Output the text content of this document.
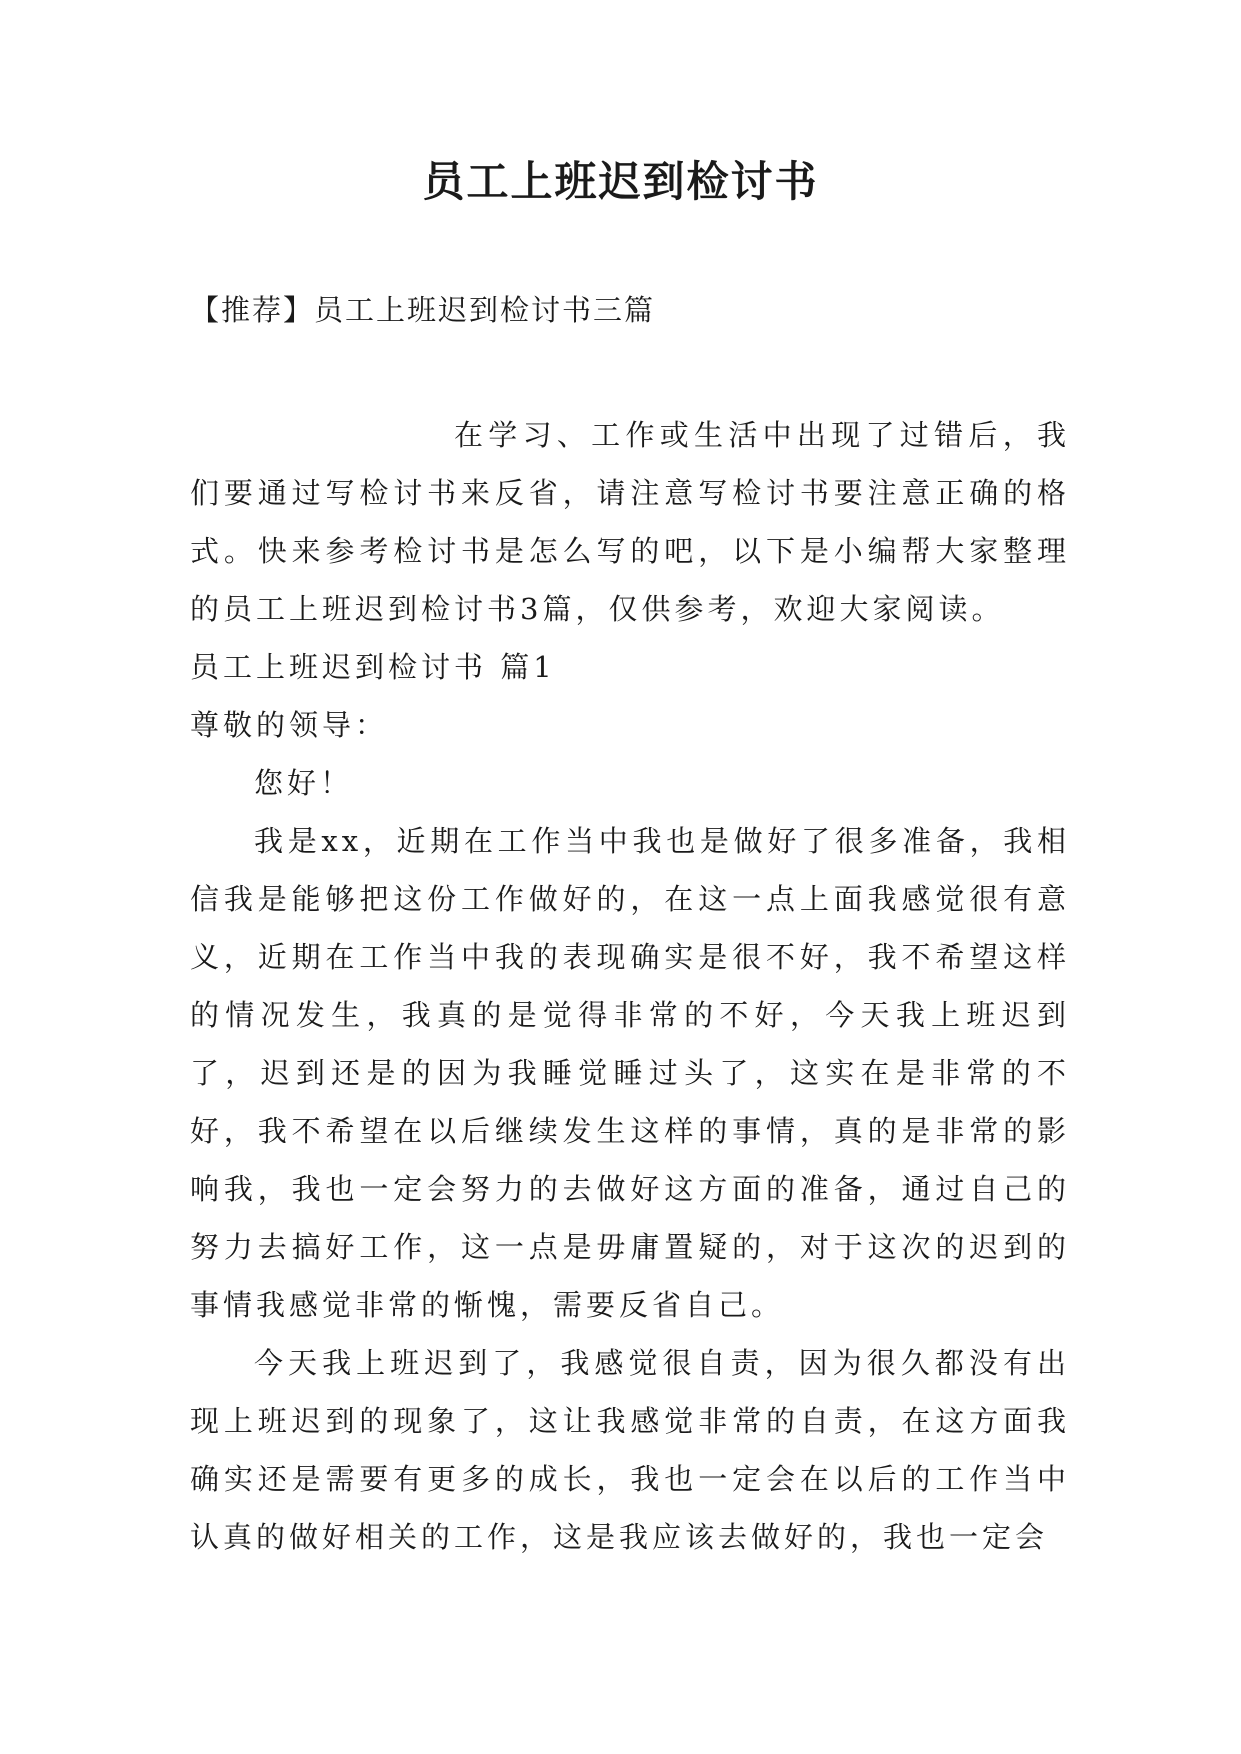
员工上班迟到检讨书

【推荐】员工上班迟到检讨书三篇

在学习、工作或生活中出现了过错后，我们要通过写检讨书来反省，请注意写检讨书要注意正确的格式。快来参考检讨书是怎么写的吧，以下是小编帮大家整理的员工上班迟到检讨书3篇，仅供参考，欢迎大家阅读。

员工上班迟到检讨书 篇1

尊敬的领导：

您好！

我是xx，近期在工作当中我也是做好了很多准备，我相信我是能够把这份工作做好的，在这一点上面我感觉很有意义，近期在工作当中我的表现确实是很不好，我不希望这样的情况发生，我真的是觉得非常的不好，今天我上班迟到了，迟到还是的因为我睡觉睡过头了，这实在是非常的不好，我不希望在以后继续发生这样的事情，真的是非常的影响我，我也一定会努力的去做好这方面的准备，通过自己的努力去搞好工作，这一点是毋庸置疑的，对于这次的迟到的事情我感觉非常的惭愧，需要反省自己。

今天我上班迟到了，我感觉很自责，因为很久都没有出现上班迟到的现象了，这让我感觉非常的自责，在这方面我确实还是需要有更多的成长，我也一定会在以后的工作当中认真的做好相关的工作，这是我应该去做好的，我也一定会
